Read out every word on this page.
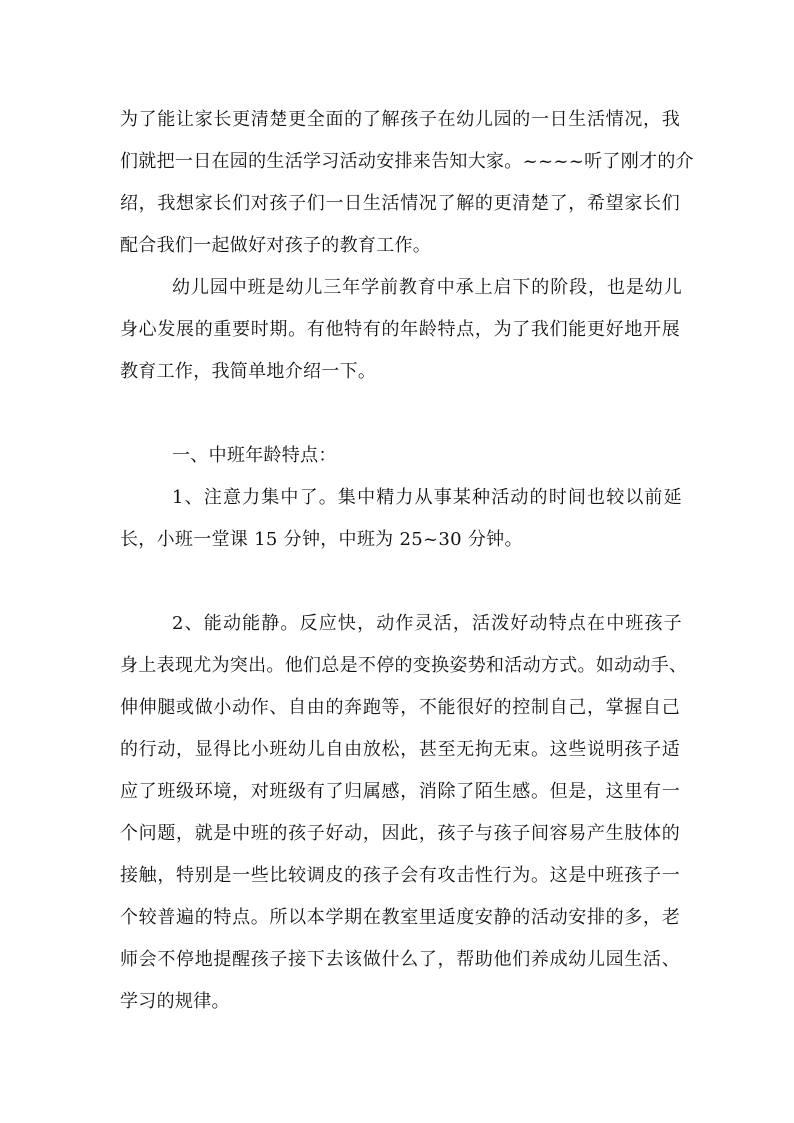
为了能让家长更清楚更全面的了解孩子在幼儿园的一日生活情况，我
们就把一日在园的生活学习活动安排来告知大家。~~~~听了刚才的介
绍，我想家长们对孩子们一日生活情况了解的更清楚了，希望家长们
配合我们一起做好对孩子的教育工作。
幼儿园中班是幼儿三年学前教育中承上启下的阶段，也是幼儿
身心发展的重要时期。有他特有的年龄特点，为了我们能更好地开展
教育工作，我简单地介绍一下。
一、中班年龄特点：
1、注意力集中了。集中精力从事某种活动的时间也较以前延
长，小班一堂课 15 分钟，中班为 25~30 分钟。
2、能动能静。反应快，动作灵活，活泼好动特点在中班孩子
身上表现尤为突出。他们总是不停的变换姿势和活动方式。如动动手、
伸伸腿或做小动作、自由的奔跑等，不能很好的控制自己，掌握自己
的行动，显得比小班幼儿自由放松，甚至无拘无束。这些说明孩子适
应了班级环境，对班级有了归属感，消除了陌生感。但是，这里有一
个问题，就是中班的孩子好动，因此，孩子与孩子间容易产生肢体的
接触，特别是一些比较调皮的孩子会有攻击性行为。这是中班孩子一
个较普遍的特点。所以本学期在教室里适度安静的活动安排的多，老
师会不停地提醒孩子接下去该做什么了，帮助他们养成幼儿园生活、
学习的规律。
